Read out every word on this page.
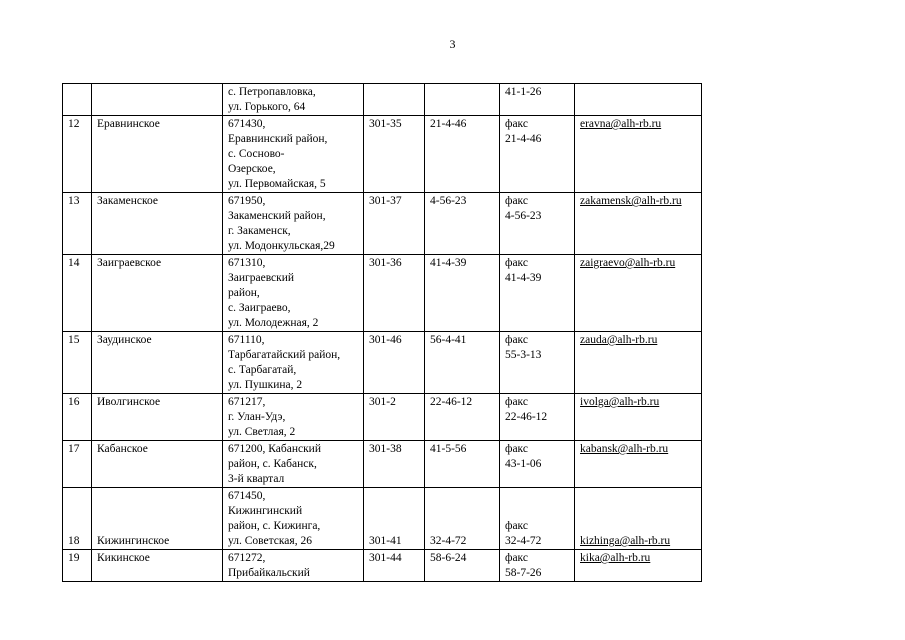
3

		с. Петропавловка,
ул. Горького, 64			41-1-26	

12	Еравнинское	671430,
Еравнинский район,
с. Сосново-
Озерское,
ул. Первомайская, 5	301-35	21-4-46	факс
21-4-46	eravna@alh-rb.ru
13	Закаменское	671950,
Закаменский район,
г. Закаменск,
ул. Модонкульская,29	301-37	4-56-23	факс
4-56-23	zakamensk@alh-rb.ru
14	Заиграевское	671310,
Заиграевский
район,
с. Заиграево,
ул. Молодежная, 2	301-36	41-4-39	факс
41-4-39	zaigraevo@alh-rb.ru
15	Заудинское	671110,
Тарбагатайский район,
с. Тарбагатай,
ул. Пушкина, 2	301-46	56-4-41	факс
55-3-13	zauda@alh-rb.ru
16	Иволгинское	671217,
г. Улан-Удэ,
ул. Светлая, 2	301-2	22-46-12	факс
22-46-12	ivolga@alh-rb.ru
17	Кабанское	671200, Кабанский
район, с. Кабанск,
3-й квартал	301-38	41-5-56	факс
43-1-06	kabansk@alh-rb.ru
18	Кижингинское	671450,
Кижингинский
район, с. Кижинга,
ул. Советская, 26	301-41	32-4-72	факс
32-4-72	kizhinga@alh-rb.ru
19	Кикинское	671272,
Прибайкальский	301-44	58-6-24	факс
58-7-26	kika@alh-rb.ru
